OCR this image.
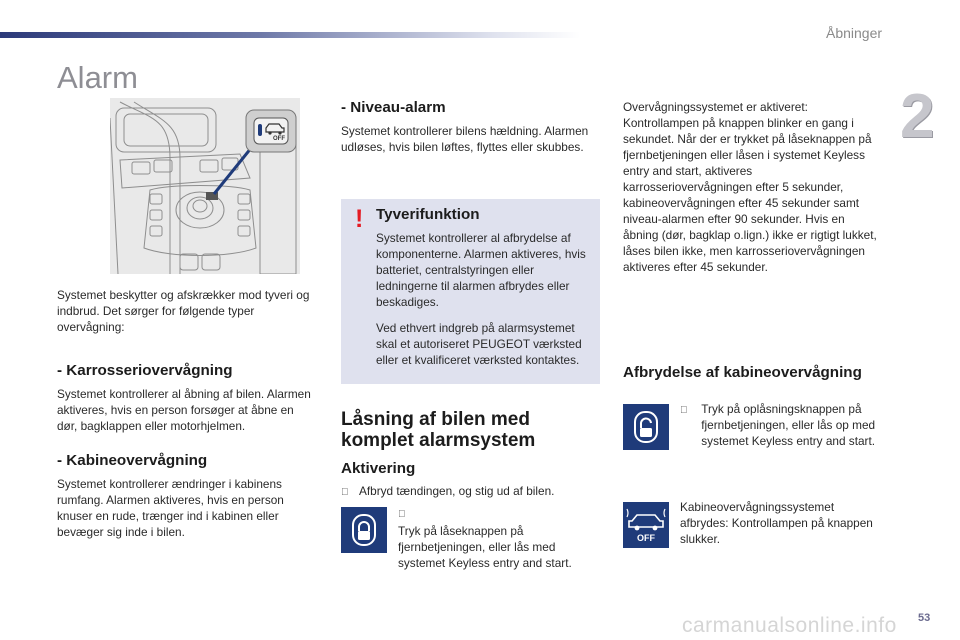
Åbninger
2
Alarm
OFF

Systemet beskytter og afskrækker mod tyveri og indbrud. Det sørger for følgende typer overvågning:

- Karrosseriovervågning

Systemet kontrollerer al åbning af bilen. Alarmen aktiveres, hvis en person forsøger at åbne en dør, bagklappen eller motorhjelmen.

- Kabineovervågning

Systemet kontrollerer ændringer i kabinens rumfang. Alarmen aktiveres, hvis en person knuser en rude, trænger ind i kabinen eller bevæger sig inde i bilen.

- Niveau-alarm

Systemet kontrollerer bilens hældning. Alarmen udløses, hvis bilen løftes, flyttes eller skubbes.

! Tyverifunktion

Systemet kontrollerer al afbrydelse af komponenterne. Alarmen aktiveres, hvis batteriet, centralstyringen eller ledningerne til alarmen afbrydes eller beskadiges.

Ved ethvert indgreb på alarmsystemet skal et autoriseret PEUGEOT værksted eller et kvalificeret værksted kontaktes.

Låsning af bilen med komplet alarmsystem
Aktivering
Afbryd tændingen, og stig ud af bilen.
Tryk på låseknappen på fjernbetjeningen, eller lås med systemet Keyless entry and start.

Overvågningssystemet er aktiveret: Kontrollampen på knappen blinker en gang i sekundet. Når der er trykket på låseknappen på fjernbetjeningen eller låsen i systemet Keyless entry and start, aktiveres karrosseriovervågningen efter 5 sekunder, kabineovervågningen efter 45 sekunder samt niveau-alarmen efter 90 sekunder. Hvis en åbning (dør, bagklap o.lign.) ikke er rigtigt lukket, låses bilen ikke, men karrosseriovervågningen aktiveres efter 45 sekunder.

Afbrydelse af kabineovervågning
Tryk på oplåsningsknappen på fjernbetjeningen, eller lås op med systemet Keyless entry and start.
OFF

Kabineovervågningssystemet afbrydes: Kontrollampen på knappen slukker.

carmanualsonline.info 53
